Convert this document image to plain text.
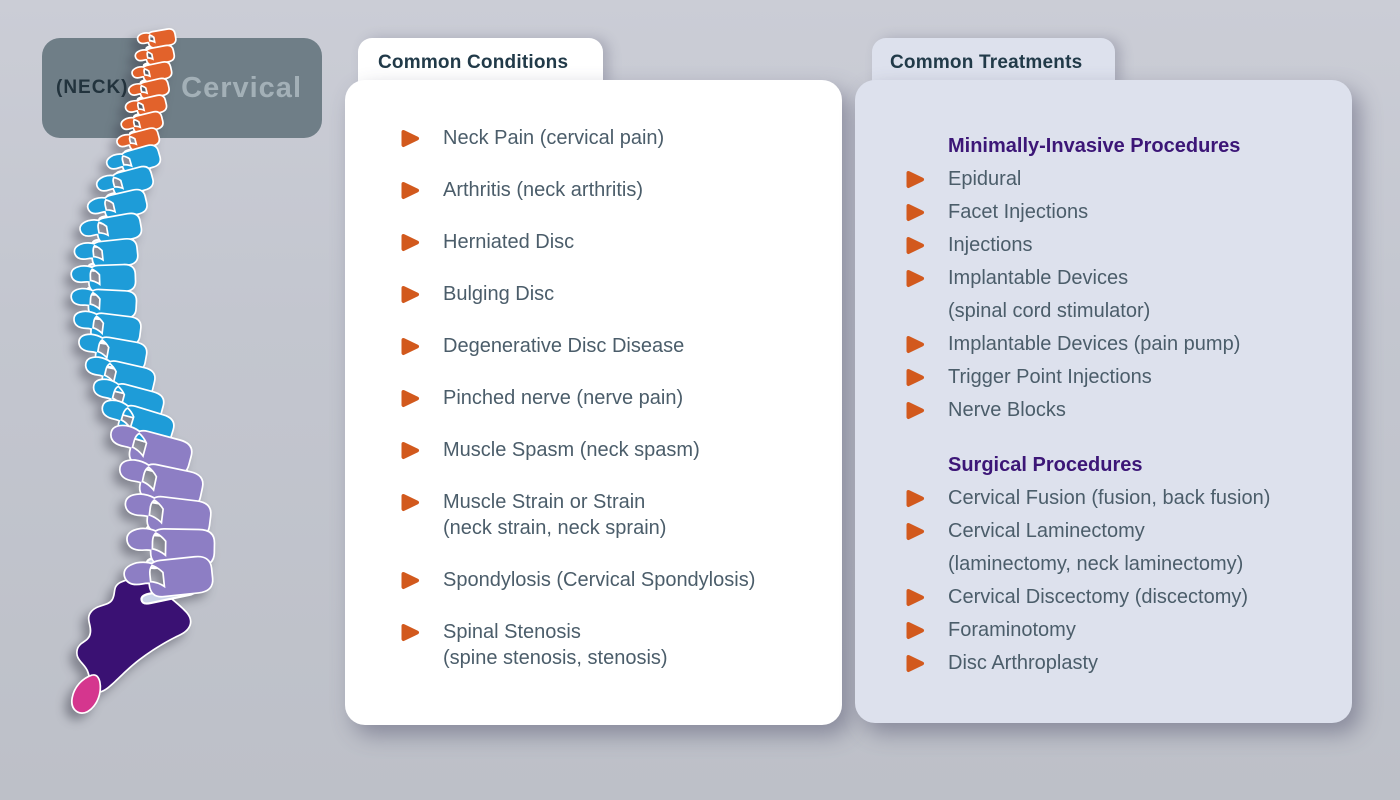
(NECK) Cervical
Common Conditions
Neck Pain (cervical pain)
Arthritis (neck arthritis)
Herniated Disc
Bulging Disc
Degenerative Disc Disease
Pinched nerve (nerve pain)
Muscle Spasm (neck spasm)
Muscle Strain or Strain
(neck strain, neck sprain)
Spondylosis (Cervical Spondylosis)
Spinal Stenosis
(spine stenosis, stenosis)
Common Treatments
Minimally-Invasive Procedures
Epidural
Facet Injections
Injections
Implantable Devices
(spinal cord stimulator)
Implantable Devices (pain pump)
Trigger Point Injections
Nerve Blocks
Surgical Procedures
Cervical Fusion (fusion, back fusion)
Cervical Laminectomy
(laminectomy, neck laminectomy)
Cervical Discectomy (discectomy)
Foraminotomy
Disc Arthroplasty
